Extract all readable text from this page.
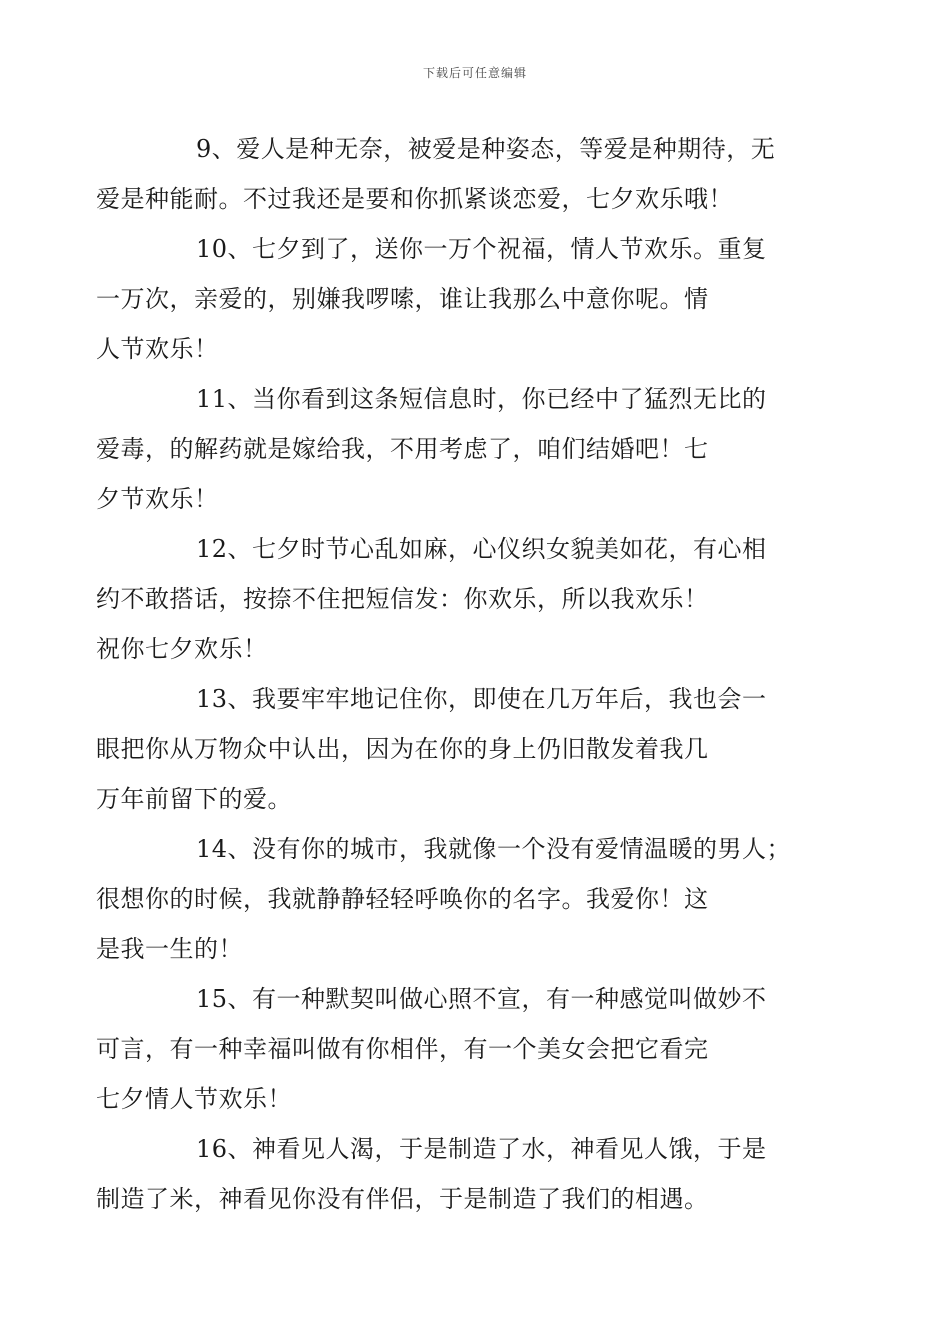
下载后可任意编辑

9、爱人是种无奈，被爱是种姿态，等爱是种期待，无
爱是种能耐。不过我还是要和你抓紧谈恋爱，七夕欢乐哦！

10、七夕到了，送你一万个祝福，情人节欢乐。重复
一万次，亲爱的，别嫌我啰嗦，谁让我那么中意你呢。情
人节欢乐！

11、当你看到这条短信息时，你已经中了猛烈无比的
爱毒，的解药就是嫁给我，不用考虑了，咱们结婚吧！七
夕节欢乐！

12、七夕时节心乱如麻，心仪织女貌美如花，有心相
约不敢搭话，按捺不住把短信发：你欢乐，所以我欢乐！
祝你七夕欢乐！

13、我要牢牢地记住你，即使在几万年后，我也会一
眼把你从万物众中认出，因为在你的身上仍旧散发着我几
万年前留下的爱。

14、没有你的城市，我就像一个没有爱情温暖的男人；
很想你的时候，我就静静轻轻呼唤你的名字。我爱你！这
是我一生的！

15、有一种默契叫做心照不宣，有一种感觉叫做妙不
可言，有一种幸福叫做有你相伴，有一个美女会把它看完
七夕情人节欢乐！

16、神看见人渴，于是制造了水，神看见人饿，于是
制造了米，神看见你没有伴侣，于是制造了我们的相遇。
